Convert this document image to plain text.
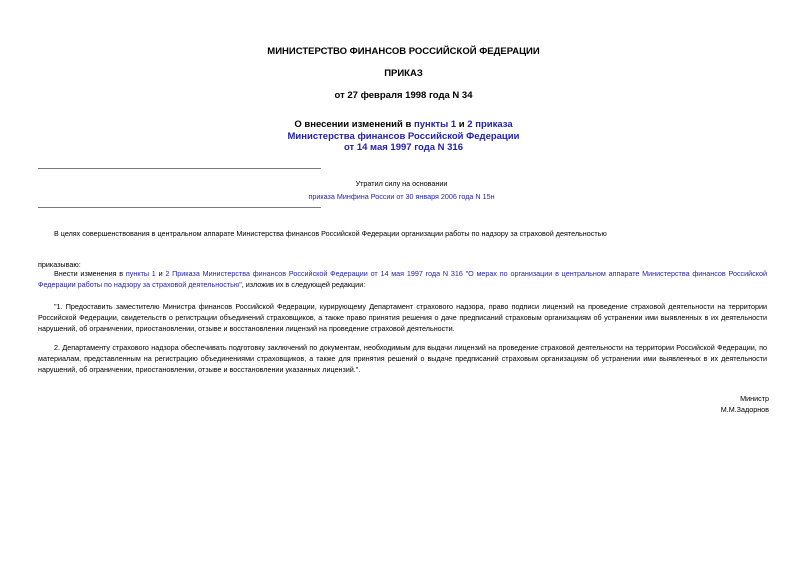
МИНИСТЕРСТВО ФИНАНСОВ РОССИЙСКОЙ ФЕДЕРАЦИИ
ПРИКАЗ
от 27 февраля 1998 года N 34
О внесении изменений в пункты 1 и 2 приказа
Министерства финансов Российской Федерации
от 14 мая 1997 года N 316
Утратил силу на основании
приказа Минфина России от 30 января 2006 года N 15н
В целях совершенствования в центральном аппарате Министерства финансов Российской Федерации организации работы по надзору за страховой деятельностью
приказываю:
Внести изменения в пункты 1 и 2 Приказа Министерства финансов Российской Федерации от 14 мая 1997 года N 316 "О мерах по организации в центральном аппарате Министерства финансов Российской Федерации работы по надзору за страховой деятельностью", изложив их в следующей редакции:
"1. Предоставить заместителю Министра финансов Российской Федерации, курирующему Департамент страхового надзора, право подписи лицензий на проведение страховой деятельности на территории Российской Федерации, свидетельств о регистрации объединений страховщиков, а также право принятия решения о даче предписаний страховым организациям об устранении ими выявленных в их деятельности нарушений, об ограничении, приостановлении, отзыве и восстановлении лицензий на проведение страховой деятельности.
2. Департаменту страхового надзора обеспечивать подготовку заключений по документам, необходимым для выдачи лицензий на проведение страховой деятельности на территории Российской Федерации, по материалам, представленным на регистрацию объединениями страховщиков, а также для принятия решений о выдаче предписаний страховым организациям об устранении ими выявленных в их деятельности нарушений, об ограничении, приостановлении, отзыве и восстановлении указанных лицензий.".
Министр
М.М.Задорнов
